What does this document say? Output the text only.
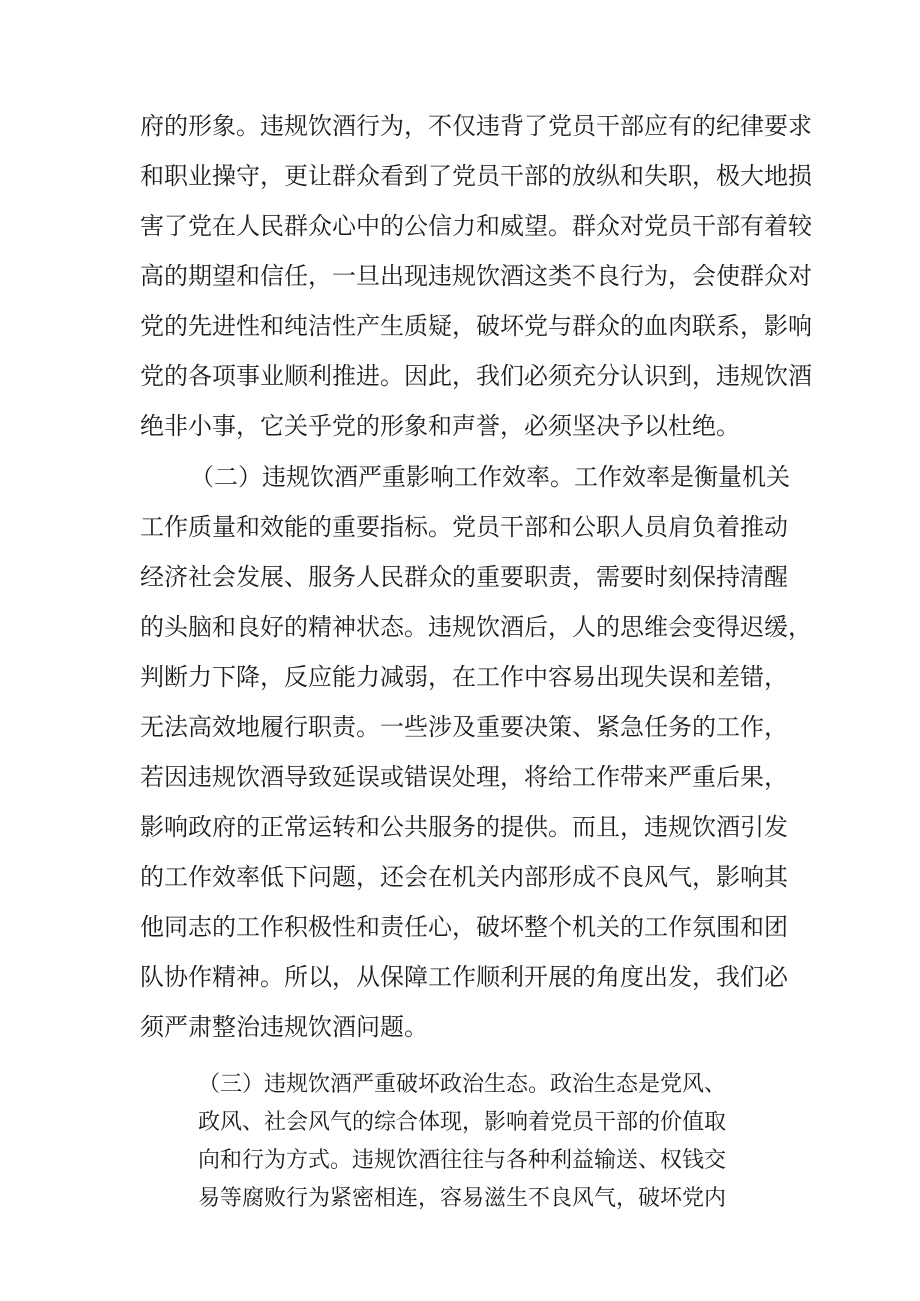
府的形象。违规饮酒行为，不仅违背了党员干部应有的纪律要求
和职业操守，更让群众看到了党员干部的放纵和失职，极大地损
害了党在人民群众心中的公信力和威望。群众对党员干部有着较
高的期望和信任，一旦出现违规饮酒这类不良行为，会使群众对
党的先进性和纯洁性产生质疑，破坏党与群众的血肉联系，影响
党的各项事业顺利推进。因此，我们必须充分认识到，违规饮酒
绝非小事，它关乎党的形象和声誉，必须坚决予以杜绝。
（二）违规饮酒严重影响工作效率。工作效率是衡量机关
工作质量和效能的重要指标。党员干部和公职人员肩负着推动
经济社会发展、服务人民群众的重要职责，需要时刻保持清醒
的头脑和良好的精神状态。违规饮酒后，人的思维会变得迟缓，
判断力下降，反应能力减弱，在工作中容易出现失误和差错，
无法高效地履行职责。一些涉及重要决策、紧急任务的工作，
若因违规饮酒导致延误或错误处理，将给工作带来严重后果，
影响政府的正常运转和公共服务的提供。而且，违规饮酒引发
的工作效率低下问题，还会在机关内部形成不良风气，影响其
他同志的工作积极性和责任心，破坏整个机关的工作氛围和团
队协作精神。所以，从保障工作顺利开展的角度出发，我们必
须严肃整治违规饮酒问题。
（三）违规饮酒严重破坏政治生态。政治生态是党风、
政风、社会风气的综合体现，影响着党员干部的价值取
向和行为方式。违规饮酒往往与各种利益输送、权钱交
易等腐败行为紧密相连，容易滋生不良风气，破坏党内
